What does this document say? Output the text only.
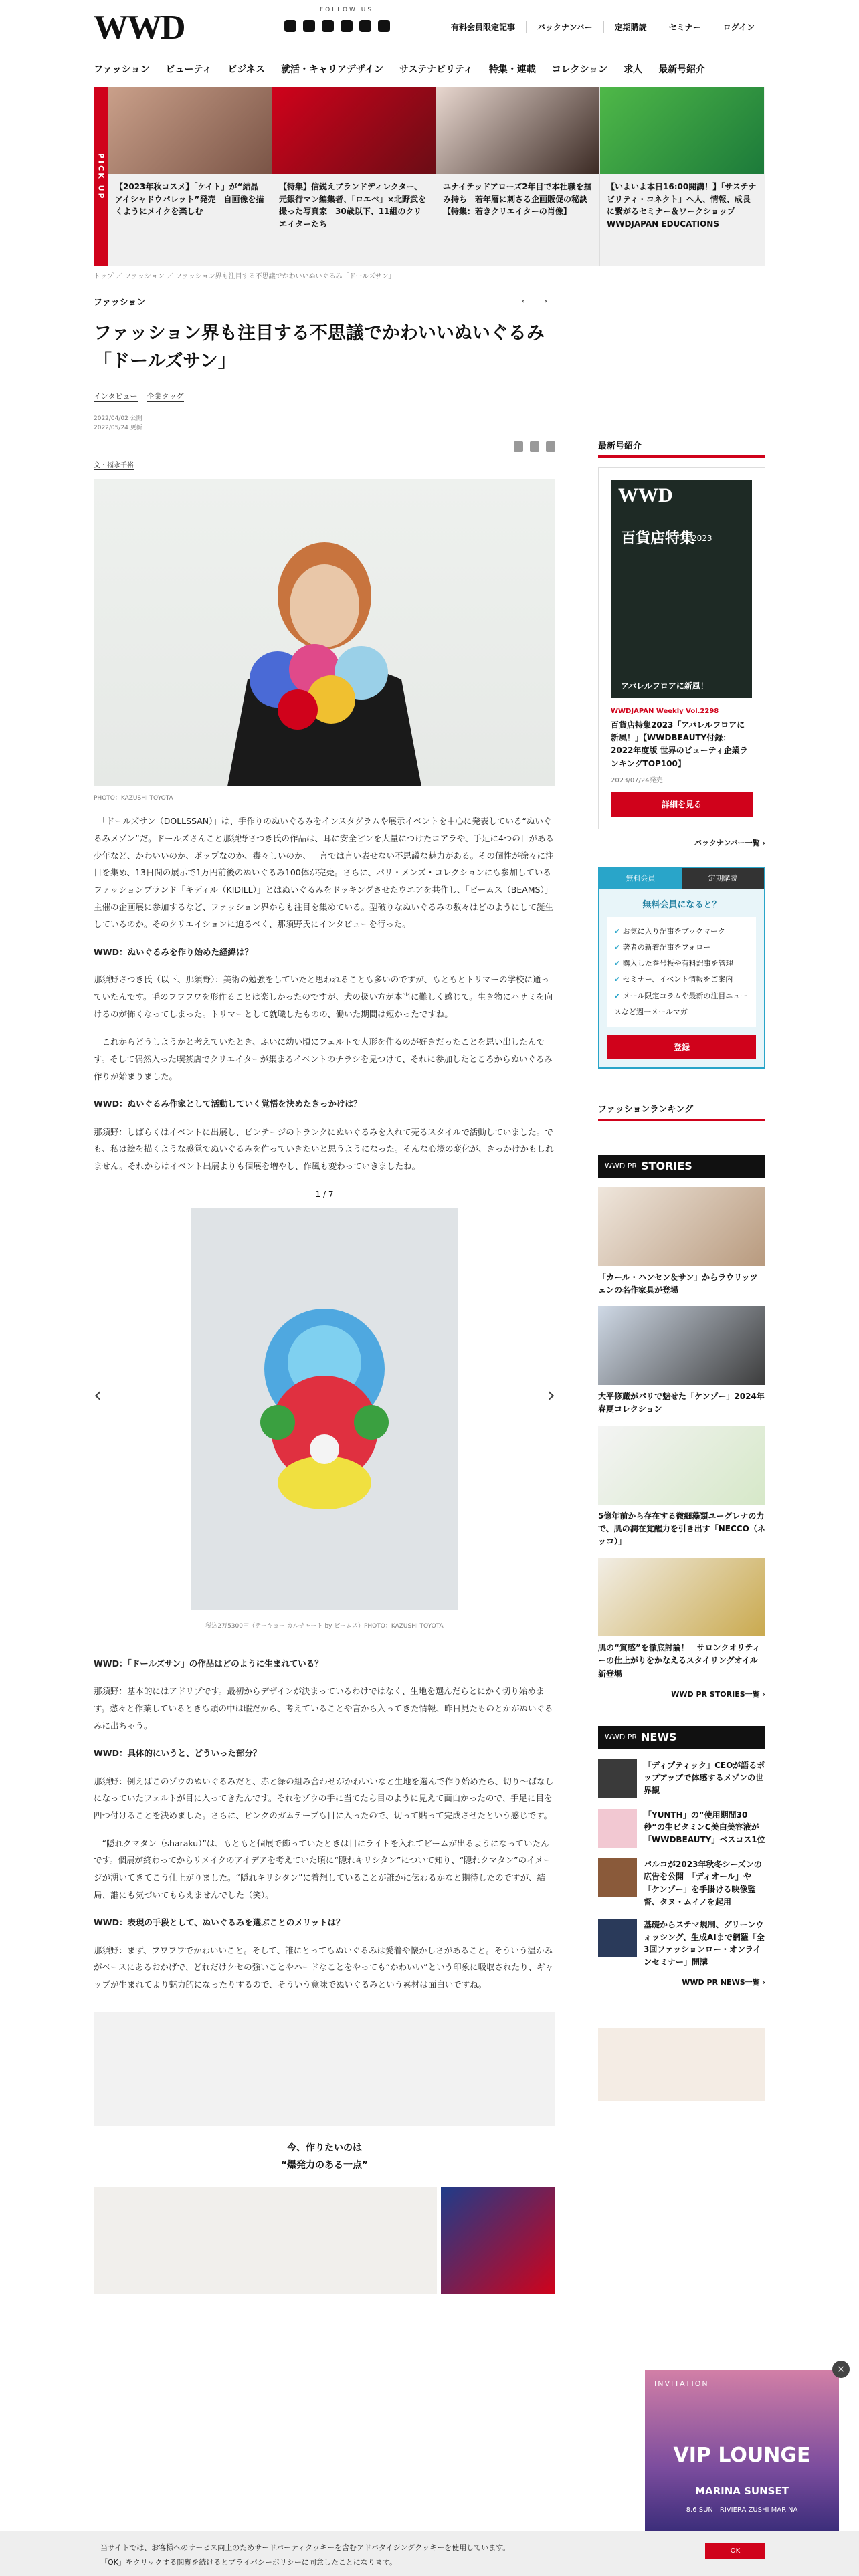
WWD	FOLLOW US
有料会員限定記事	バックナンバー	定期購読	セミナー	ログイン
ファッション ビューティ ビジネス 就活・キャリアデザイン サステナビリティ 特集・連載 コレクション 求人 最新号紹介
PICK UP	【2023年秋コスメ】「ケイト」が“結晶アイシャドウパレット”発売　自画像を描くようにメイクを楽しむ
【特集】信鋭えブランドディレクター、元銀行マン編集者、「ロエベ」×北野武を撮った写真家　30歳以下、11組のクリエイターたち
ユナイテッドアローズ2年目で本社職を掴み持ち　若年層に刺さる企画販促の秘訣【特集：若きクリエイターの肖像】
【いよいよ本日16:00開講！】「サステナビリティ・コネクト」へ人、情報、成長に繋がるセミナー＆ワークショップ WWDJAPAN EDUCATIONS
トップ ／ ファッション ／ ファッション界も注目する不思議でかわいいぬいぐるみ「ドールズサン」
ファッション	‹ ›
ファッション界も注目する不思議でかわいいぬいぐるみ「ドールズサン」
インタビュー 企業タッグ
2022/04/02 公開
2022/05/24 更新
文・福永千裕
PHOTO：KAZUSHI TOYOTA

　「ドールズサン（DOLLSSAN）」は、手作りのぬいぐるみをインスタグラムや展示イベントを中心に発表している“ぬいぐるみメゾン”だ。ドールズさんこと那須野さつき氏の作品は、耳に安全ピンを大量につけたコアラや、手足に4つの目がある少年など、かわいいのか、ポップなのか、毒々しいのか、一言では言い表せない不思議な魅力がある。その個性が徐々に注目を集め、13日間の展示で1万円前後のぬいぐるみ100体が完売。さらに、パリ・メンズ・コレクションにも参加しているファッションブランド「キディル（KIDILL）」とはぬいぐるみをドッキングさせたウエアを共作し、「ビームス（BEAMS）」主催の企画展に参加するなど、ファッション界からも注目を集めている。型破りなぬいぐるみの数々はどのようにして誕生しているのか。そのクリエイションに迫るべく、那須野氏にインタビューを行った。

WWD：ぬいぐるみを作り始めた経緯は？

那須野さつき氏（以下、那須野）：美術の勉強をしていたと思われることも多いのですが、もともとトリマーの学校に通っていたんです。毛のフワフワを形作ることは楽しかったのですが、犬の扱い方が本当に難しく感じて。生き物にハサミを向けるのが怖くなってしまった。トリマーとして就職したものの、働いた期間は短かったですね。

　これからどうしようかと考えていたとき、ふいに幼い頃にフェルトで人形を作るのが好きだったことを思い出したんです。そして偶然入った喫茶店でクリエイターが集まるイベントのチラシを見つけて、それに参加したところからぬいぐるみ作りが始まりました。

WWD：ぬいぐるみ作家として活動していく覚悟を決めたきっかけは？

那須野：しばらくはイベントに出展し、ビンテージのトランクにぬいぐるみを入れて売るスタイルで活動していました。でも、私は絵を描くような感覚でぬいぐるみを作っていきたいと思うようになった。そんな心境の変化が、きっかけかもしれません。それからはイベント出展よりも個展を増やし、作風も変わっていきましたね。

1 / 7
‹	›
税込2万5300円（テーキョー カルチャート by ビームス）PHOTO：KAZUSHI TOYOTA

WWD：「ドールズサン」の作品はどのように生まれている？

那須野：基本的にはアドリブです。最初からデザインが決まっているわけではなく、生地を選んだらとにかく切り始めます。愁々と作業しているときも頭の中は暇だから、考えていることや言から入ってきた情報、昨日見たものとかがぬいぐるみに出ちゃう。

WWD：具体的にいうと、どういった部分？

那須野：例えばこのゾウのぬいぐるみだと、赤と緑の組み合わせがかわいいなと生地を選んで作り始めたら、切り～ばなしになっていたフェルトが目に入ってきたんです。それをゾウの手に当てたら目のように見えて面白かったので、手足に目を四つ付けることを決めました。さらに、ピンクのガムテープも目に入ったので、切って貼って完成させたという感じです。

　“隠れクマタン（sharaku）”は、もともと個展で飾っていたときは目にライトを入れてビームが出るようになっていたんです。個展が終わってからリメイクのアイデアを考えていた頃に“隠れキリシタン”について知り、“隠れクマタン”のイメージが湧いてきてこう仕上がりました。“隠れキリシタン”に着想していることが誰かに伝わるかなと期待したのですが、結局、誰にも気づいてもらえませんでした（笑）。

WWD：表現の手段として、ぬいぐるみを選ぶことのメリットは？

那須野：まず、フワフワでかわいいこと。そして、誰にとってもぬいぐるみは愛着や懐かしさがあること。そういう温かみがベースにあるおかげで、どれだけクセの強いことやハードなことをやっても“かわいい”という印象に吸収されたり、ギャップが生まれてより魅力的になったりするので、そういう意味でぬいぐるみという素材は面白いですね。

今、作りたいのは
“爆発力のある一点”
最新号紹介
WWD
百貨店特集
2023
アパレルフロアに新風！
WWDJAPAN Weekly Vol.2298
百貨店特集2023「アパレルフロアに新風！」【WWDBEAUTY付録：2022年度版 世界のビューティ企業ランキングTOP100】
2023/07/24発売
詳細を見る
バックナンバー一覧 ›
無料会員	定期購読
無料会員になると？
✔ お気に入り記事をブックマーク
✔ 著者の新着記事をフォロー
✔ 購入した巻号板や有料記事を管理
✔ セミナー、イベント情報をご案内
✔ メール限定コラムや最新の注目ニュースなど週一メールマガ
登録
ファッションランキング
WWD PR STORIES
「カール・ハンセン＆サン」からラウリッツェンの名作家具が登場
大平修蔵がパリで魅せた「ケンゾー」2024年春夏コレクション
5億年前から存在する微細藻類ユーグレナの力で、肌の潤在覚醒力を引き出す「NECCO（ネッコ）」
肌の“質感”を徹底討論！　サロンクオリティーの仕上がりをかなえるスタイリングオイル新登場
WWD PR STORIES一覧 ›
WWD PR NEWS
「ディプティック」CEOが語るポップアップで体感するメゾンの世界観
「YUNTH」の“使用期間30秒”の生ビタミンC美白美容液が「WWDBEAUTY」ベスコス1位
パルコが2023年秋冬シーズンの広告を公開　「ディオール」や「ケンゾー」を手掛ける映像監督、タヌ・ムイノを起用
基礎からステマ規制、グリーンウォッシング、生成AIまで網羅「全3回ファッションロー・オンラインセミナー」開講
WWD PR NEWS一覧 ›
INVITATION
VIP LOUNGE
MARINA SUNSET
8.6 SUN　 RIVIERA ZUSHI MARINA
×
当サイトでは、お客様へのサービス向上のためサードパーティクッキーを含むアドバタイジングクッキーを使用しています。
「OK」をクリックする閲覧を続けるとプライバシーポリシーに同意したことになります。
OK
